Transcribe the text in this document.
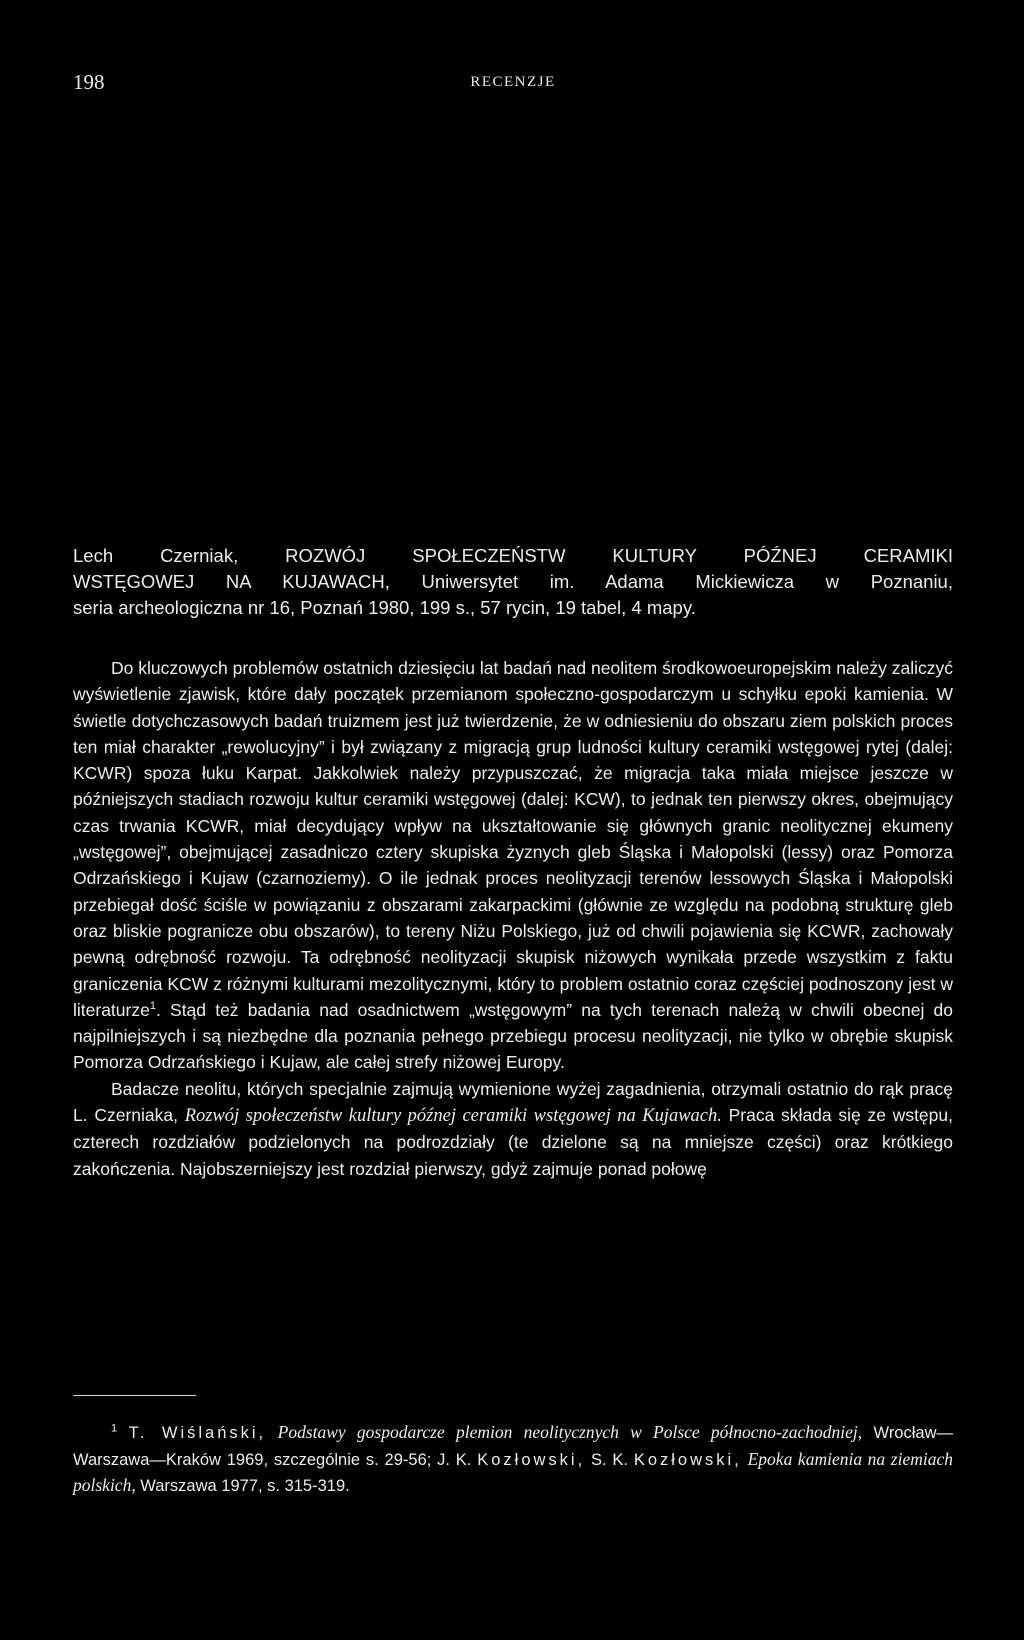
198	RECENZJE
Lech Czerniak, ROZWÓJ SPOŁECZEŃSTW KULTURY PÓŹNEJ CERAMIKI
WSTĘGOWEJ NA KUJAWACH, Uniwersytet im. Adama Mickiewicza w Poznaniu,
seria archeologiczna nr 16, Poznań 1980, 199 s., 57 rycin, 19 tabel, 4 mapy.

Do kluczowych problemów ostatnich dziesięciu lat badań nad neolitem środkowoeuropejskim należy zaliczyć wyświetlenie zjawisk, które dały początek przemianom społeczno-gospodarczym u schyłku epoki kamienia. W świetle dotychczasowych badań truizmem jest już twierdzenie, że w odniesieniu do obszaru ziem polskich proces ten miał charakter „rewolucyjny” i był związany z migracją grup ludności kultury ceramiki wstęgowej rytej (dalej: KCWR) spoza łuku Karpat. Jakkolwiek należy przypuszczać, że migracja taka miała miejsce jeszcze w późniejszych stadiach rozwoju kultur ceramiki wstęgowej (dalej: KCW), to jednak ten pierwszy okres, obejmujący czas trwania KCWR, miał decydujący wpływ na ukształtowanie się głównych granic neolitycznej ekumeny „wstęgowej”, obejmującej zasadniczo cztery skupiska żyznych gleb Śląska i Małopolski (lessy) oraz Pomorza Odrzańskiego i Kujaw (czarnoziemy). O ile jednak proces neolityzacji terenów lessowych Śląska i Małopolski przebiegał dość ściśle w powiązaniu z obszarami zakarpackimi (głównie ze względu na podobną strukturę gleb oraz bliskie pogranicze obu obszarów), to tereny Niżu Polskiego, już od chwili pojawienia się KCWR, zachowały pewną odrębność rozwoju. Ta odrębność neolityzacji skupisk niżowych wynikała przede wszystkim z faktu graniczenia KCW z różnymi kulturami mezolitycznymi, który to problem ostatnio coraz częściej podnoszony jest w literaturze$^1$. Stąd też badania nad osadnictwem „wstęgowym” na tych terenach należą w chwili obecnej do najpilniejszych i są niezbędne dla poznania pełnego przebiegu procesu neolityzacji, nie tylko w obrębie skupisk Pomorza Odrzańskiego i Kujaw, ale całej strefy niżowej Europy.

Badacze neolitu, których specjalnie zajmują wymienione wyżej zagadnienia, otrzymali ostatnio do rąk pracę L. Czerniaka, Rozwój społeczeństw kultury późnej ceramiki wstęgowej na Kujawach. Praca składa się ze wstępu, czterech rozdziałów podzielonych na podrozdziały (te dzielone są na mniejsze części) oraz krótkiego zakończenia. Najobszerniejszy jest rozdział pierwszy, gdyż zajmuje ponad połowę

$^1$ T. Wiślański, Podstawy gospodarcze plemion neolitycznych w Polsce północno-zachodniej, Wrocław—Warszawa—Kraków 1969, szczególnie s. 29-56; J. K. Kozłowski, S. K. Kozłowski, Epoka kamienia na ziemiach polskich, Warszawa 1977, s. 315-319.
